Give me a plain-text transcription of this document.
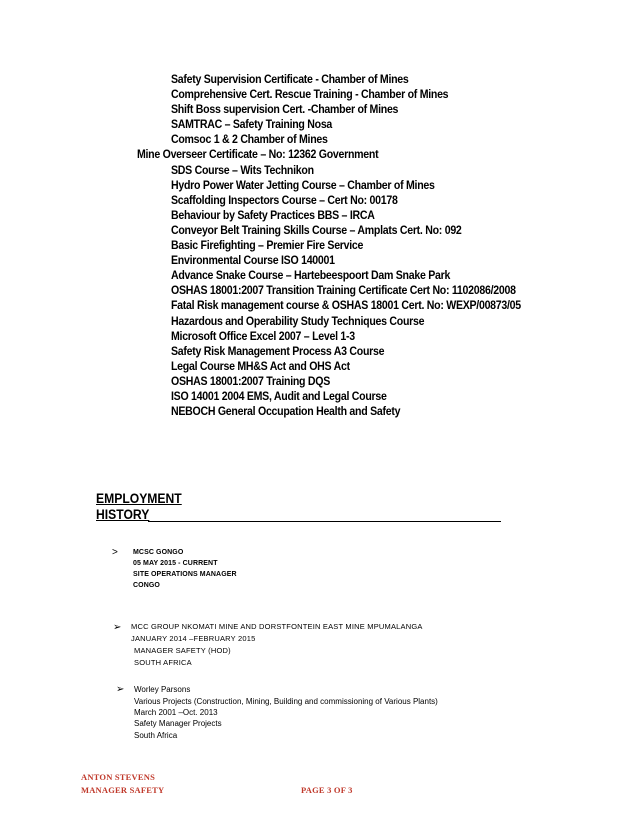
Safety Supervision Certificate - Chamber of Mines
Comprehensive Cert. Rescue Training - Chamber of Mines
Shift Boss supervision Cert. -Chamber of Mines
SAMTRAC – Safety Training Nosa
Comsoc 1 & 2 Chamber of Mines
Mine Overseer Certificate – No: 12362 Government
SDS Course – Wits Technikon
Hydro Power Water Jetting Course – Chamber of Mines
Scaffolding Inspectors Course – Cert No: 00178
Behaviour by Safety Practices BBS – IRCA
Conveyor Belt Training Skills Course – Amplats Cert. No: 092
Basic Firefighting – Premier Fire Service
Environmental Course ISO 140001
Advance Snake Course – Hartebeespoort Dam Snake Park
OSHAS 18001:2007 Transition Training Certificate Cert No: 1102086/2008
Fatal Risk management course & OSHAS 18001 Cert. No: WEXP/00873/05
Hazardous and Operability Study Techniques Course
Microsoft Office Excel 2007 – Level 1-3
Safety Risk Management Process A3 Course
Legal Course MH&S Act and OHS Act
OSHAS 18001:2007 Training DQS
ISO 14001 2004 EMS, Audit and Legal Course
NEBOCH General Occupation Health and Safety
EMPLOYMENT
HISTORY
> MCSC GONGO
05 MAY 2015 - CURRENT
SITE OPERATIONS MANAGER
CONGO
➢ MCC GROUP NKOMATI MINE AND DORSTFONTEIN EAST MINE MPUMALANGA
JANUARY 2014 –FEBRUARY 2015
MANAGER SAFETY (HOD)
SOUTH AFRICA
➢ Worley Parsons
Various Projects (Construction, Mining, Building and commissioning of Various Plants)
March 2001 –Oct. 2013
Safety Manager Projects
South Africa
ANTON STEVENS
MANAGER SAFETY	PAGE 3 OF 3
